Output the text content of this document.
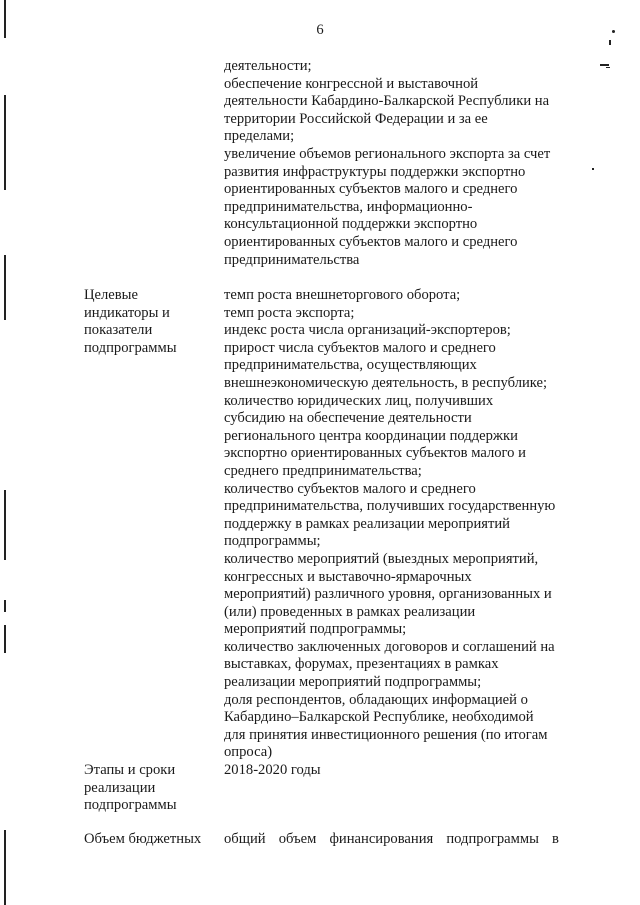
6
деятельности;
обеспечение конгрессной и выставочной
деятельности Кабардино-Балкарской Республики на
территории Российской Федерации и за ее
пределами;
увеличение объемов регионального экспорта за счет
развития инфраструктуры поддержки экспортно
ориентированных субъектов малого и среднего
предпринимательства, информационно-
консультационной поддержки экспортно
ориентированных субъектов малого и среднего
предпринимательства
Целевые
индикаторы и
показатели
подпрограммы
темп роста внешнеторгового оборота;
темп роста экспорта;
индекс роста числа организаций-экспортеров;
прирост числа субъектов малого и среднего
предпринимательства, осуществляющих
внешнеэкономическую деятельность, в республике;
количество юридических лиц, получивших
субсидию на обеспечение деятельности
регионального центра координации поддержки
экспортно ориентированных субъектов малого и
среднего предпринимательства;
количество субъектов малого и среднего
предпринимательства, получивших государственную
поддержку в рамках реализации мероприятий
подпрограммы;
количество мероприятий (выездных мероприятий,
конгрессных и выставочно-ярмарочных
мероприятий) различного уровня, организованных и
(или) проведенных в рамках реализации
мероприятий подпрограммы;
количество заключенных договоров и соглашений на
выставках, форумах, презентациях в рамках
реализации мероприятий подпрограммы;
доля респондентов, обладающих информацией о
Кабардино–Балкарской Республике, необходимой
для принятия инвестиционного решения (по итогам
опроса)
Этапы и сроки
реализации
подпрограммы
2018-2020 годы
Объем бюджетных	общий объем финансирования подпрограммы в
